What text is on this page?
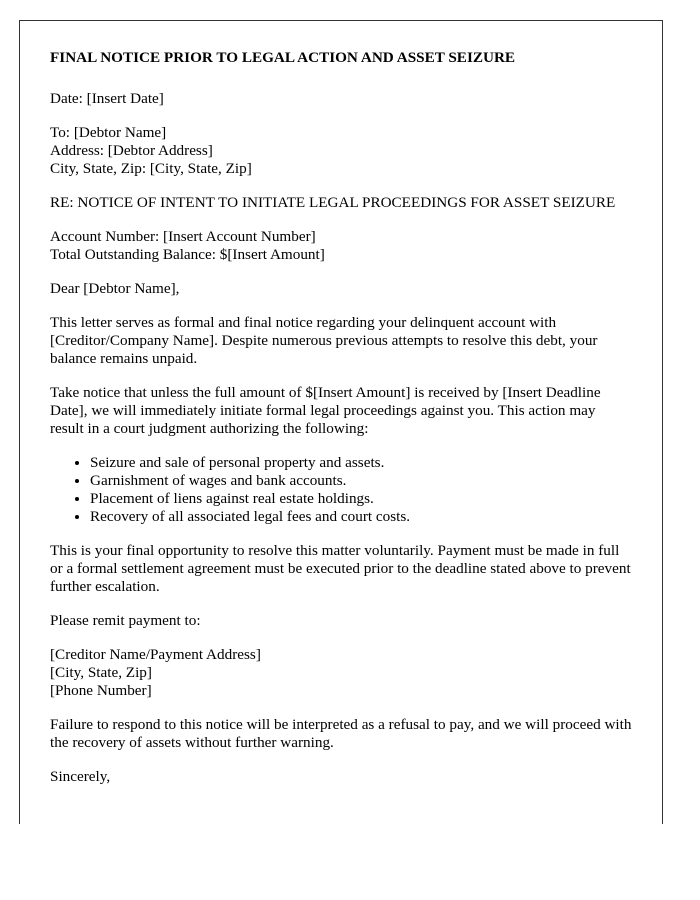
FINAL NOTICE PRIOR TO LEGAL ACTION AND ASSET SEIZURE

Date: [Insert Date]

To: [Debtor Name]
Address: [Debtor Address]
City, State, Zip: [City, State, Zip]

RE: NOTICE OF INTENT TO INITIATE LEGAL PROCEEDINGS FOR ASSET SEIZURE

Account Number: [Insert Account Number]
Total Outstanding Balance: $[Insert Amount]

Dear [Debtor Name],

This letter serves as formal and final notice regarding your delinquent account with [Creditor/Company Name]. Despite numerous previous attempts to resolve this debt, your balance remains unpaid.

Take notice that unless the full amount of $[Insert Amount] is received by [Insert Deadline Date], we will immediately initiate formal legal proceedings against you. This action may result in a court judgment authorizing the following:

• Seizure and sale of personal property and assets.
• Garnishment of wages and bank accounts.
• Placement of liens against real estate holdings.
• Recovery of all associated legal fees and court costs.

This is your final opportunity to resolve this matter voluntarily. Payment must be made in full or a formal settlement agreement must be executed prior to the deadline stated above to prevent further escalation.

Please remit payment to:

[Creditor Name/Payment Address]
[City, State, Zip]
[Phone Number]

Failure to respond to this notice will be interpreted as a refusal to pay, and we will proceed with the recovery of assets without further warning.

Sincerely,
